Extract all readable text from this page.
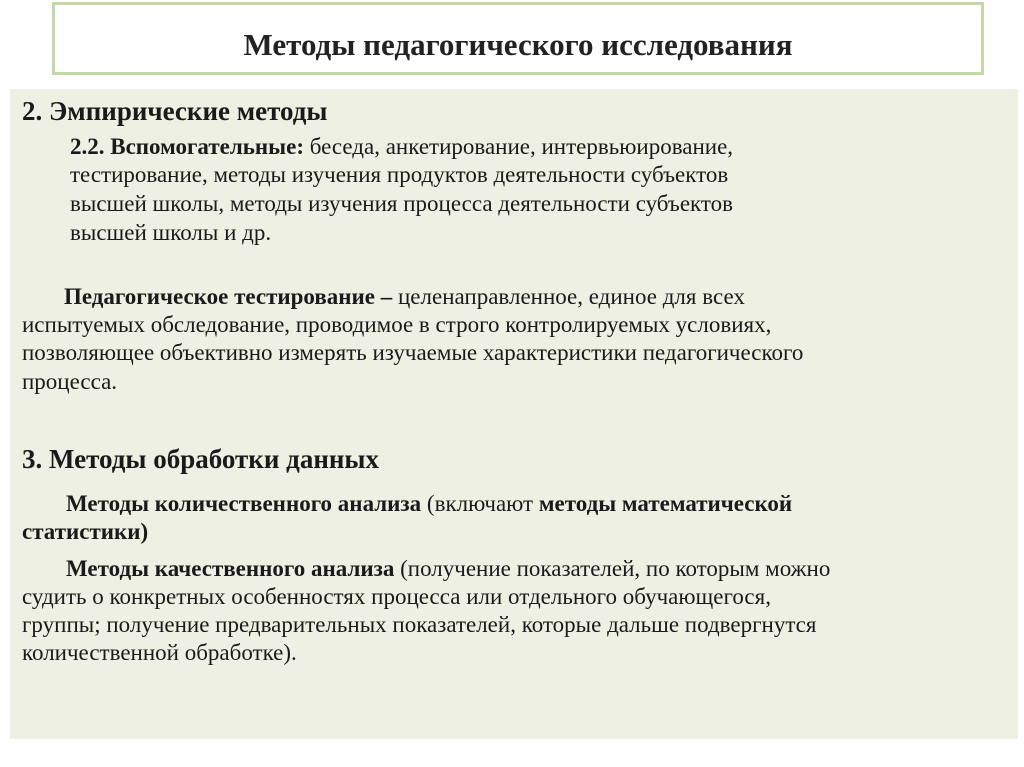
Методы педагогического исследования
2. Эмпирические методы
2.2. Вспомогательные: беседа, анкетирование, интервьюирование,
тестирование, методы изучения продуктов деятельности субъектов
высшей школы, методы изучения процесса деятельности субъектов
высшей школы и др.
Педагогическое тестирование – целенаправленное, единое для всех
испытуемых обследование, проводимое в строго контролируемых условиях,
позволяющее объективно измерять изучаемые характеристики педагогического
процесса.
3. Методы обработки данных
Методы количественного анализа (включают методы математической
статистики)
Методы качественного анализа (получение показателей, по которым можно
судить о конкретных особенностях процесса или отдельного обучающегося,
группы; получение предварительных показателей, которые дальше подвергнутся
количественной обработке).
